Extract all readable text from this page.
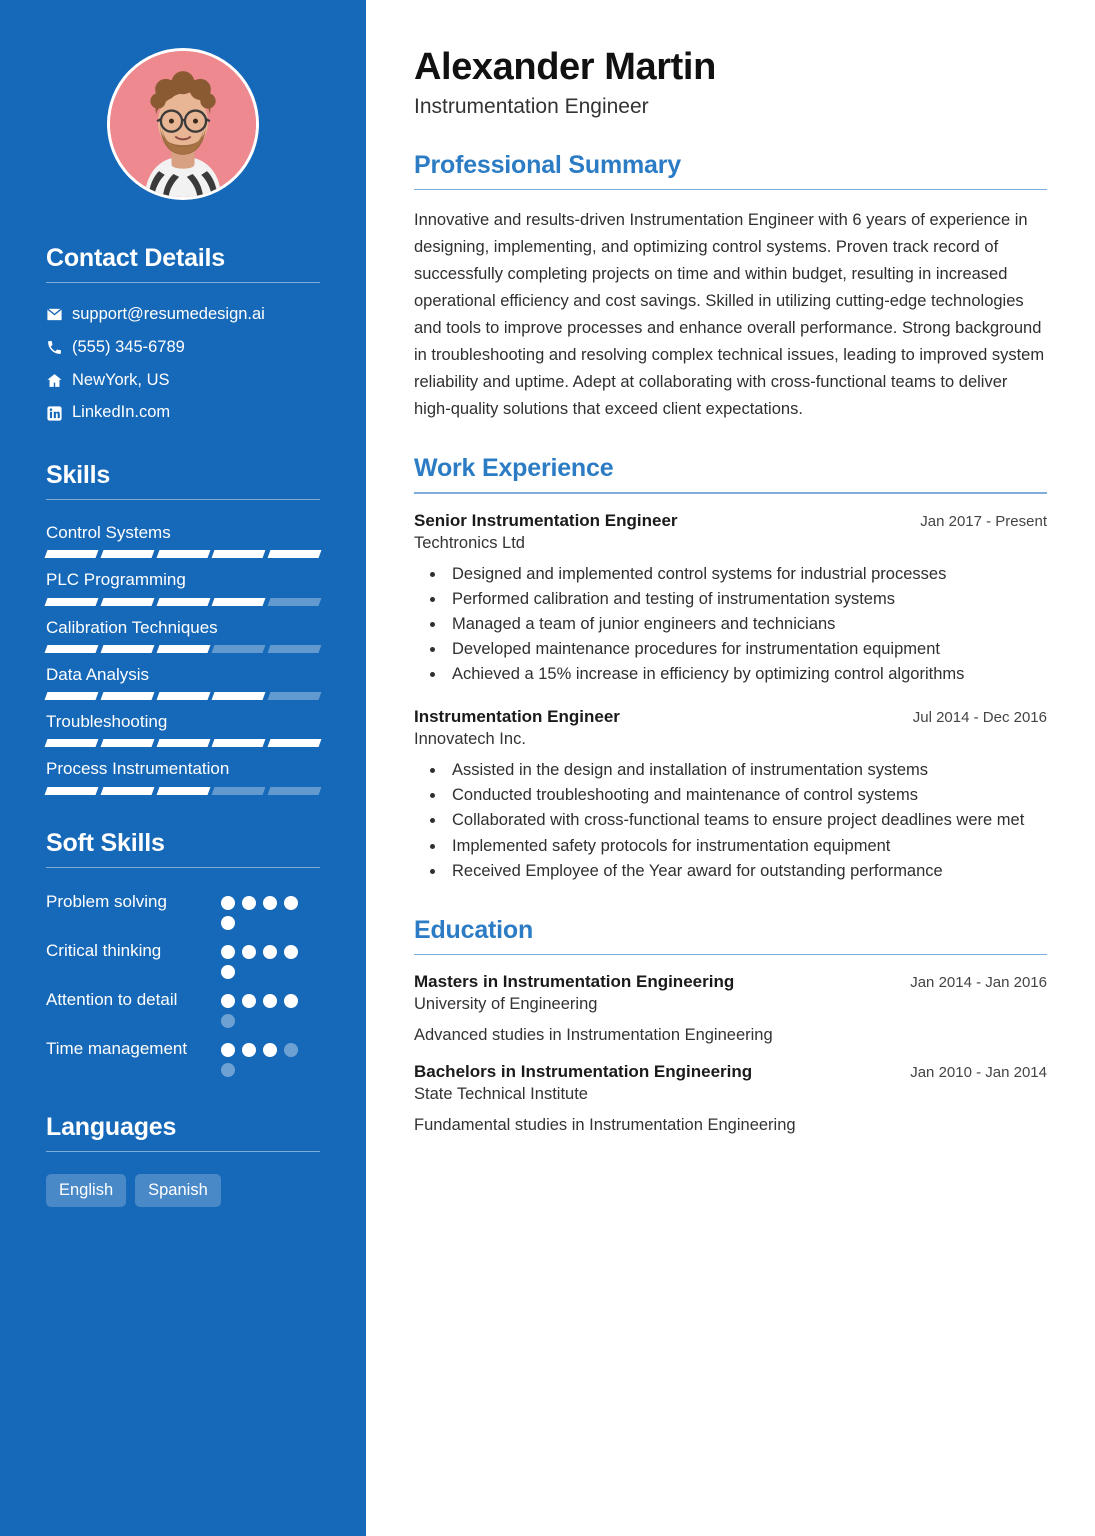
Contact Details
support@resumedesign.ai
(555) 345-6789
NewYork, US
LinkedIn.com
Skills
Control Systems
PLC Programming
Calibration Techniques
Data Analysis
Troubleshooting
Process Instrumentation
Soft Skills
Problem solving
Critical thinking
Attention to detail
Time management
Languages
English	Spanish
Alexander Martin
Instrumentation Engineer
Professional Summary

Innovative and results-driven Instrumentation Engineer with 6 years of experience in designing, implementing, and optimizing control systems. Proven track record of successfully completing projects on time and within budget, resulting in increased operational efficiency and cost savings. Skilled in utilizing cutting-edge technologies and tools to improve processes and enhance overall performance. Strong background in troubleshooting and resolving complex technical issues, leading to improved system reliability and uptime. Adept at collaborating with cross-functional teams to deliver high-quality solutions that exceed client expectations.

Work Experience
Senior Instrumentation Engineer	Jan 2017 - Present
Techtronics Ltd
• Designed and implemented control systems for industrial processes
• Performed calibration and testing of instrumentation systems
• Managed a team of junior engineers and technicians
• Developed maintenance procedures for instrumentation equipment
• Achieved a 15% increase in efficiency by optimizing control algorithms
Instrumentation Engineer	Jul 2014 - Dec 2016
Innovatech Inc.
• Assisted in the design and installation of instrumentation systems
• Conducted troubleshooting and maintenance of control systems
• Collaborated with cross-functional teams to ensure project deadlines were met
• Implemented safety protocols for instrumentation equipment
• Received Employee of the Year award for outstanding performance
Education
Masters in Instrumentation Engineering	Jan 2014 - Jan 2016
University of Engineering
Advanced studies in Instrumentation Engineering
Bachelors in Instrumentation Engineering	Jan 2010 - Jan 2014
State Technical Institute
Fundamental studies in Instrumentation Engineering
